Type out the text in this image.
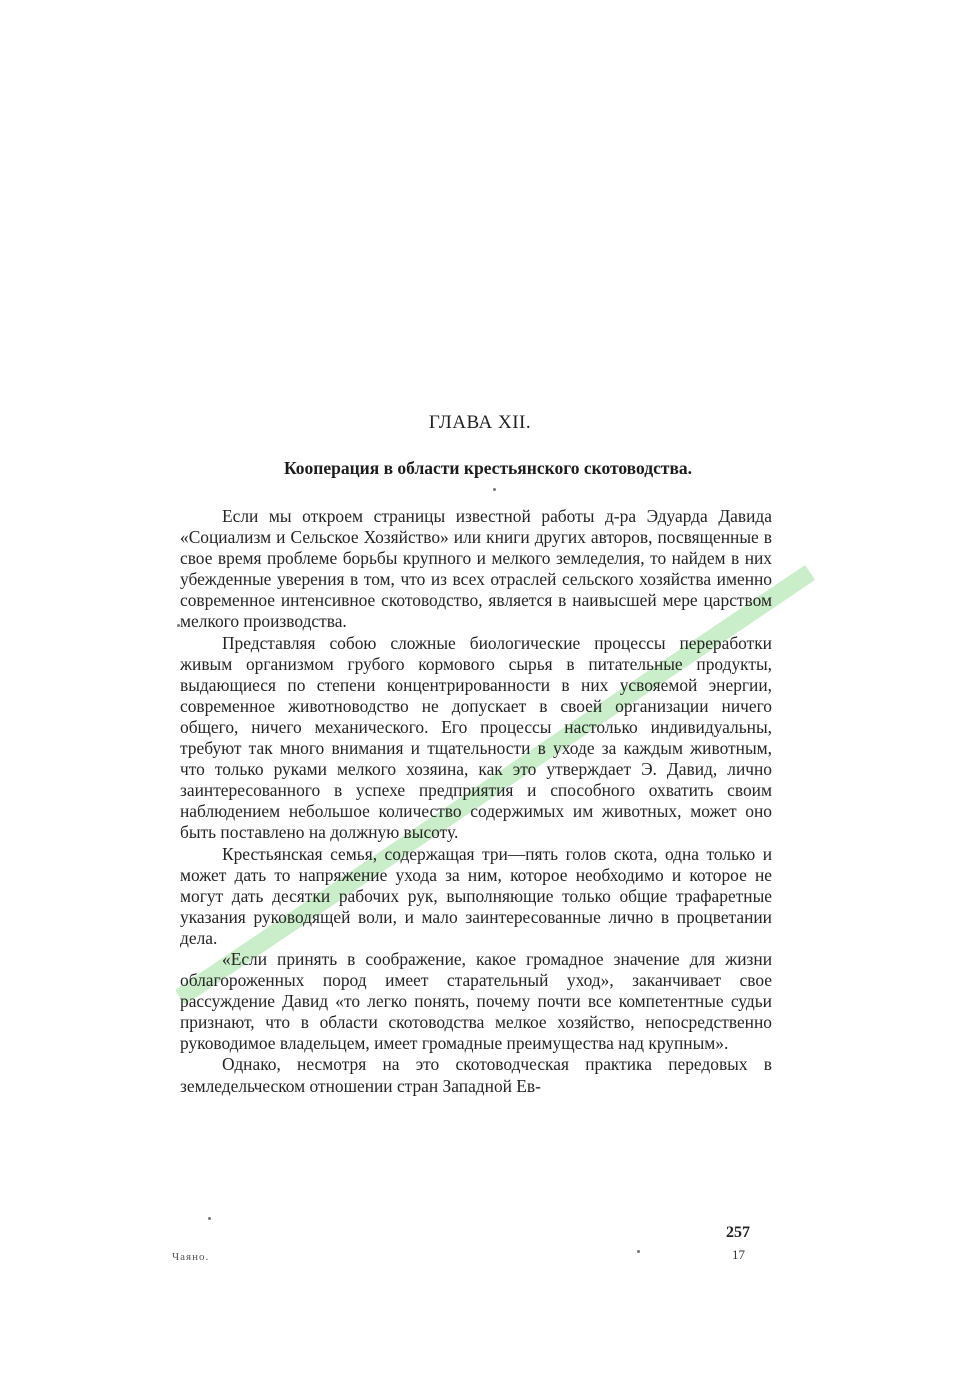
ГЛАВА XII.
Кооперация в области крестьянского скотоводства.

Если мы откроем страницы известной работы д-ра Эдуарда Давида «Социализм и Сельское Хозяйство» или книги других авторов, посвященные в свое время проблеме борьбы крупного и мелкого земледелия, то найдем в них убежденные уверения в том, что из всех отраслей сельского хозяйства именно современное интенсивное скотоводство, является в наивысшей мере царством мелкого производства.

Представляя собою сложные биологические процессы переработки живым организмом грубого кормового сырья в питательные продукты, выдающиеся по степени концентрированности в них усвояемой энергии, современное животноводство не допускает в своей организации ничего общего, ничего механического. Его процессы настолько индивидуальны, требуют так много внимания и тщательности в уходе за каждым животным, что только руками мелкого хозяина, как это утверждает Э. Давид, лично заинтересованного в успехе предприятия и способного охватить своим наблюдением небольшое количество содержимых им животных, может оно быть поставлено на должную высоту.

Крестьянская семья, содержащая три—пять голов скота, одна только и может дать то напряжение ухода за ним, которое необходимо и которое не могут дать десятки рабочих рук, выполняющие только общие трафаретные указания руководящей воли, и мало заинтересованные лично в процветании дела.

«Если принять в соображение, какое громадное значение для жизни облагороженных пород имеет старательный уход», заканчивает свое рассуждение Давид «то легко понять, почему почти все компетентные судьи признают, что в области скотоводства мелкое хозяйство, непосредственно руководимое владельцем, имеет громадные преимущества над крупным».

Однако, несмотря на это скотоводческая практика передовых в земледельческом отношении стран Западной Ев-

257
Чаяно.	17
